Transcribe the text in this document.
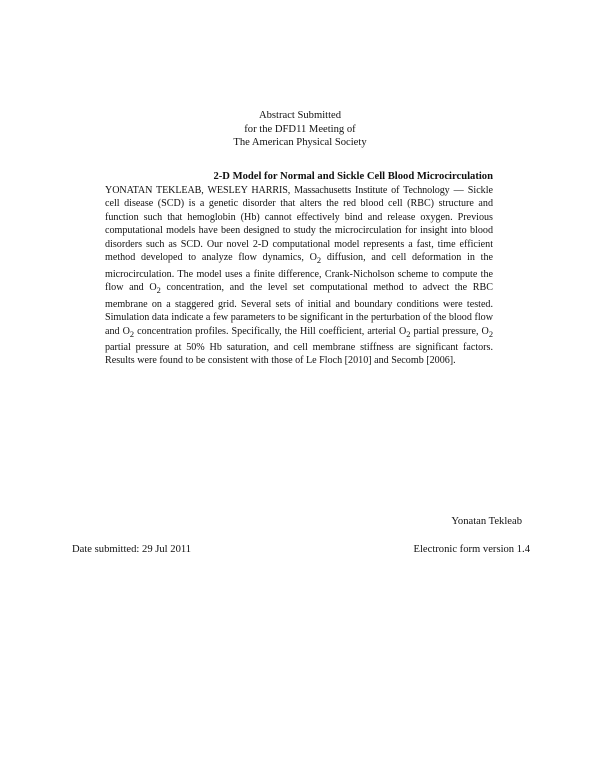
Abstract Submitted
for the DFD11 Meeting of
The American Physical Society
2-D Model for Normal and Sickle Cell Blood Microcirculation
YONATAN TEKLEAB, WESLEY HARRIS, Massachusetts Institute of Technology — Sickle cell disease (SCD) is a genetic disorder that alters the red blood cell (RBC) structure and function such that hemoglobin (Hb) cannot effectively bind and release oxygen. Previous computational models have been designed to study the microcirculation for insight into blood disorders such as SCD. Our novel 2-D computational model represents a fast, time efficient method developed to analyze flow dynamics, $O_2$ diffusion, and cell deformation in the microcirculation. The model uses a finite difference, Crank-Nicholson scheme to compute the flow and $O_2$ concentration, and the level set computational method to advect the RBC membrane on a staggered grid. Several sets of initial and boundary conditions were tested. Simulation data indicate a few parameters to be significant in the perturbation of the blood flow and $O_2$ concentration profiles. Specifically, the Hill coefficient, arterial $O_2$ partial pressure, $O_2$ partial pressure at 50% Hb saturation, and cell membrane stiffness are significant factors. Results were found to be consistent with those of Le Floch [2010] and Secomb [2006].
Yonatan Tekleab
Date submitted: 29 Jul 2011	Electronic form version 1.4
